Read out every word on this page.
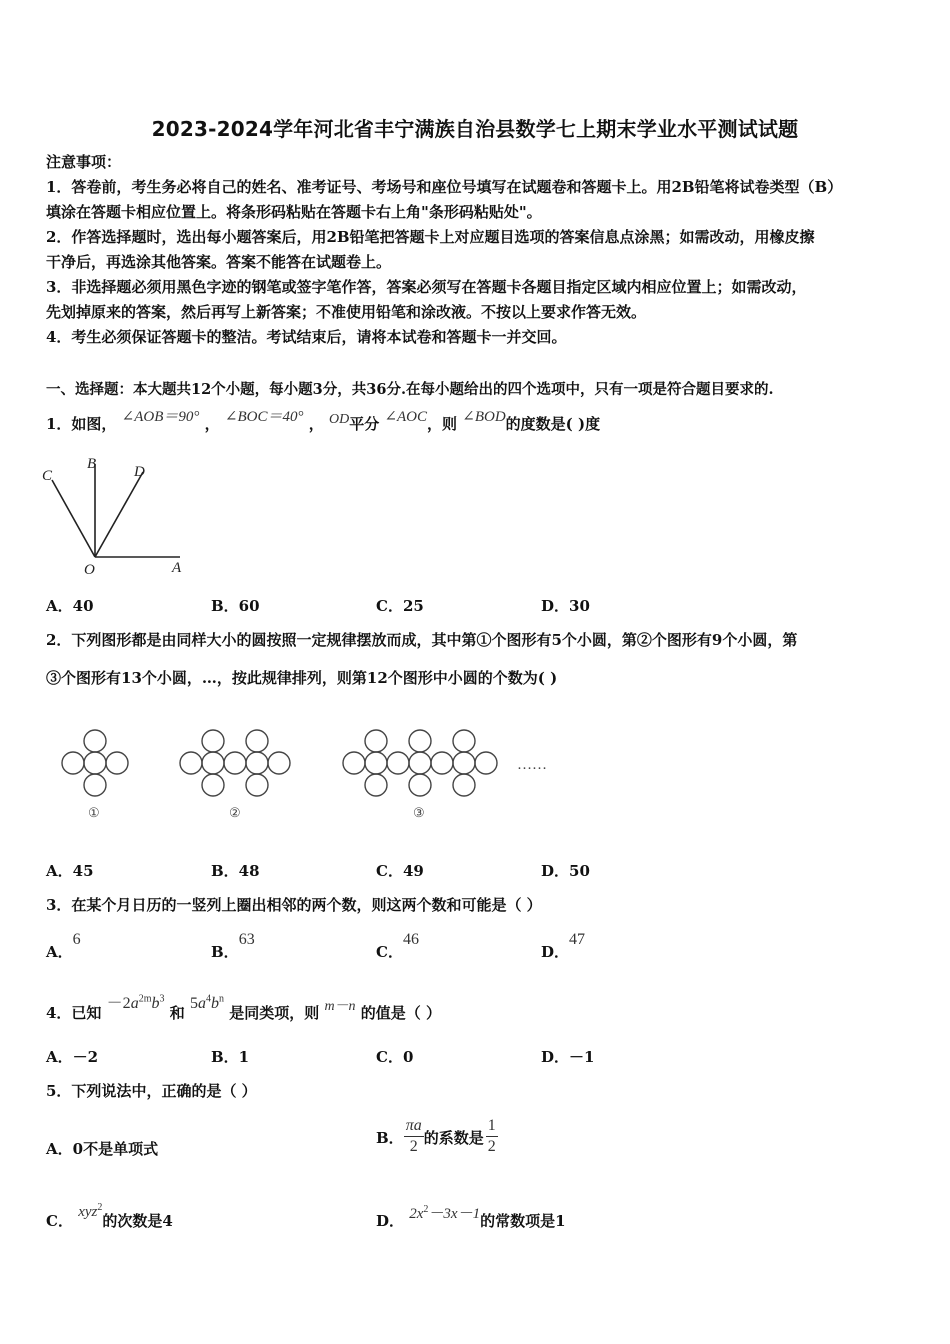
2023-2024学年河北省丰宁满族自治县数学七上期末学业水平测试试题
注意事项：
1．答卷前，考生务必将自己的姓名、准考证号、考场号和座位号填写在试题卷和答题卡上。用2B铅笔将试卷类型（B）
填涂在答题卡相应位置上。将条形码粘贴在答题卡右上角"条形码粘贴处"。
2．作答选择题时，选出每小题答案后，用2B铅笔把答题卡上对应题目选项的答案信息点涂黑；如需改动，用橡皮擦
干净后，再选涂其他答案。答案不能答在试题卷上。
3．非选择题必须用黑色字迹的钢笔或签字笔作答，答案必须写在答题卡各题目指定区域内相应位置上；如需改动，
先划掉原来的答案，然后再写上新答案；不准使用铅笔和涂改液。不按以上要求作答无效。
4．考生必须保证答题卡的整洁。考试结束后，请将本试卷和答题卡一并交回。
一、选择题：本大题共12个小题，每小题3分，共36分.在每小题给出的四个选项中，只有一项是符合题目要求的.
1．如图， ∠AOB＝90° ， ∠BOC＝40° ， OD平分 ∠AOC，则 ∠BOD的度数是( )度
C
B	D
O	A
A．40	B．60	C．25	D．30
2．下列图形都是由同样大小的圆按照一定规律摆放而成，其中第①个图形有5个小圆，第②个图形有9个小圆，第
③个图形有13个小圆，…，按此规律排列，则第12个图形中小圆的个数为( )
①	②	③
……
A．45	B．48	C．49	D．50
3．在某个月日历的一竖列上圈出相邻的两个数，则这两个数和可能是（ ）
A．6
B．63
C．46
D．47
4．已知 $-2a^{2m}b^3$ 和 $5a^4b^n$ 是同类项，则 m－n 的值是（ ）
A．－2	B．1	C．0	D．－1
5．下列说法中，正确的是（ ）
A．0不是单项式
B． $\frac{\pi a}{2}$ 的系数是 $\frac{1}{2}$
C． xyz$^2$的次数是4	D． $2x^2-3x-1$的常数项是1
